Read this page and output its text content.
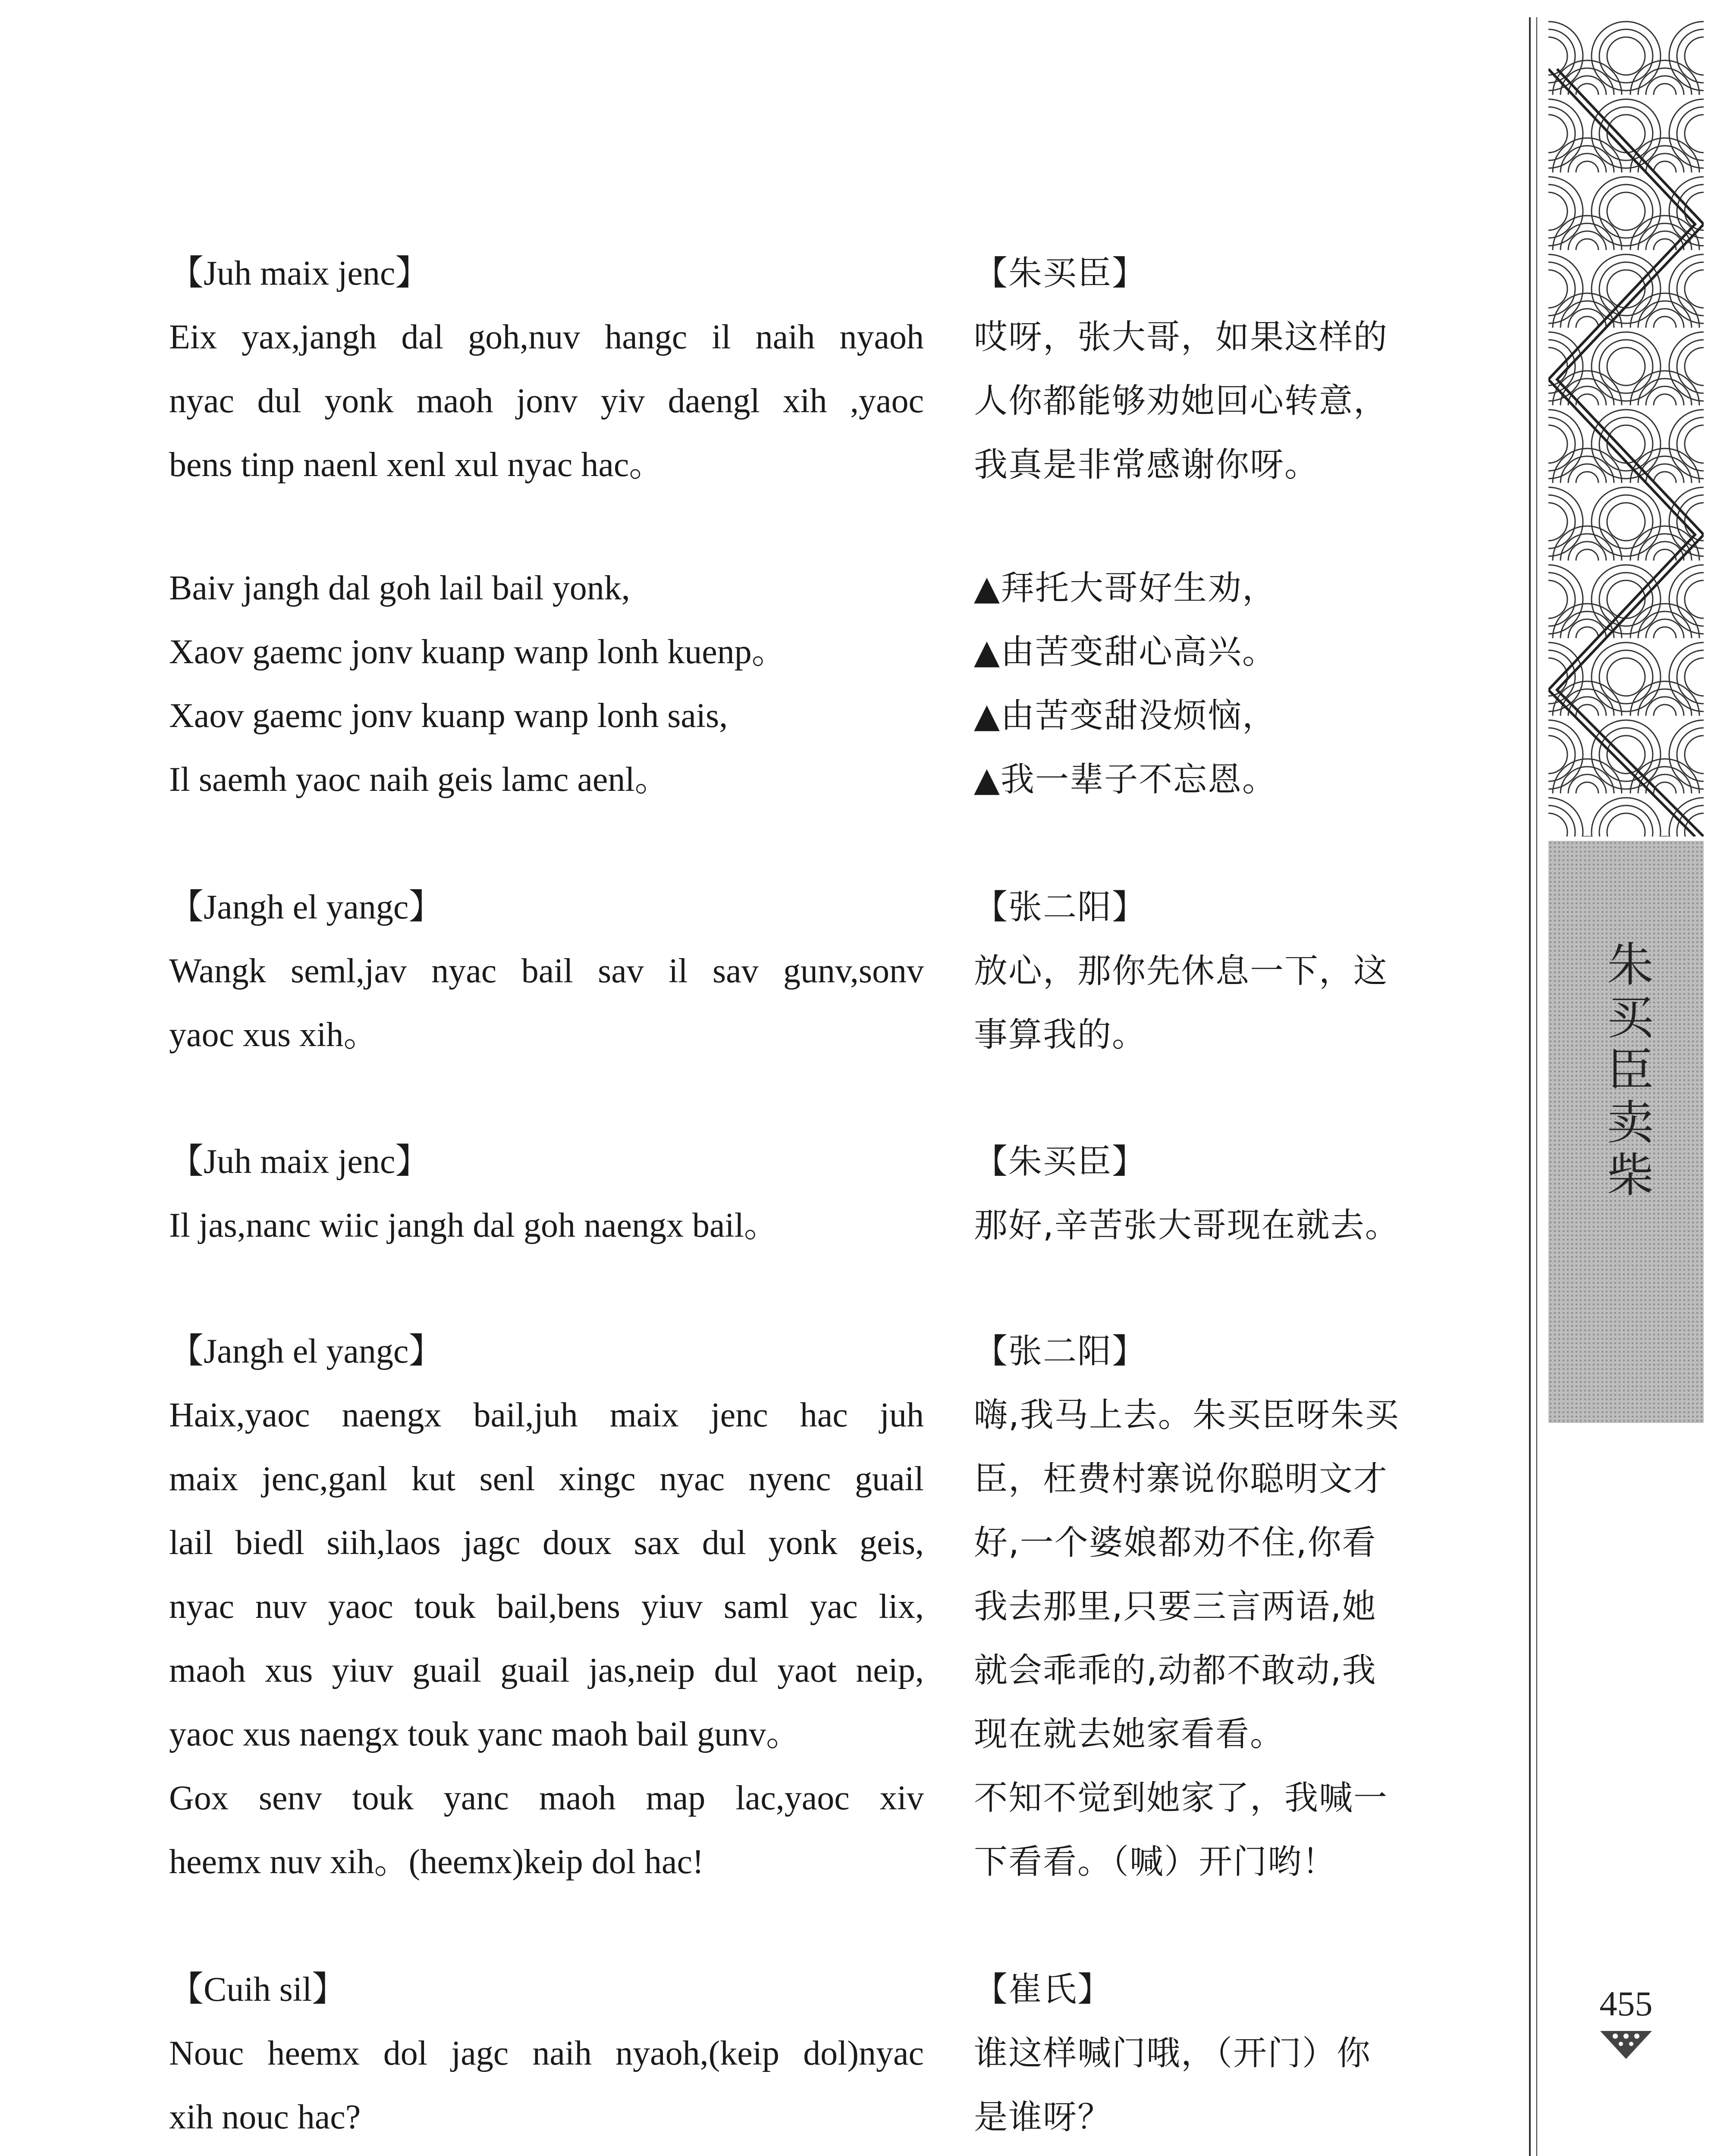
【Juh maix jenc】
Eix yax,jangh dal goh,nuv hangc il naih nyaoh
nyac dul yonk maoh jonv yiv daengl xih ,yaoc
bens tinp naenl xenl xul nyac hac。
Baiv jangh dal goh lail bail yonk,
Xaov gaemc jonv kuanp wanp lonh kuenp。
Xaov gaemc jonv kuanp wanp lonh sais,
Il saemh yaoc naih geis lamc aenl。
【Jangh el yangc】
Wangk seml,jav nyac bail sav il sav gunv,sonv
yaoc xus xih。
【Juh maix jenc】
Il jas,nanc wiic jangh dal goh naengx bail。
【Jangh el yangc】
Haix,yaoc naengx bail,juh maix jenc hac juh
maix jenc,ganl kut senl xingc nyac nyenc guail
lail biedl siih,laos jagc doux sax dul yonk geis,
nyac nuv yaoc touk bail,bens yiuv saml yac lix,
maoh xus yiuv guail guail jas,neip dul yaot neip,
yaoc xus naengx touk yanc maoh bail gunv。
Gox senv touk yanc maoh map lac,yaoc xiv
heemx nuv xih。(heemx)keip dol hac!
【Cuih sil】
Nouc heemx dol jagc naih nyaoh,(keip dol)nyac
xih nouc hac?
【朱买臣】
哎呀，张大哥，如果这样的
人你都能够劝她回心转意，
我真是非常感谢你呀。
▲拜托大哥好生劝，
▲由苦变甜心高兴。
▲由苦变甜没烦恼，
▲我一辈子不忘恩。
【张二阳】
放心，那你先休息一下，这
事算我的。
【朱买臣】
那好,辛苦张大哥现在就去。
【张二阳】
嗨,我马上去。朱买臣呀朱买
臣，枉费村寨说你聪明文才
好,一个婆娘都劝不住,你看
我去那里,只要三言两语,她
就会乖乖的,动都不敢动,我
现在就去她家看看。
不知不觉到她家了，我喊一
下看看。（喊）开门哟！
【崔氏】
谁这样喊门哦，（开门）你
是谁呀？
朱买臣卖柴
455
